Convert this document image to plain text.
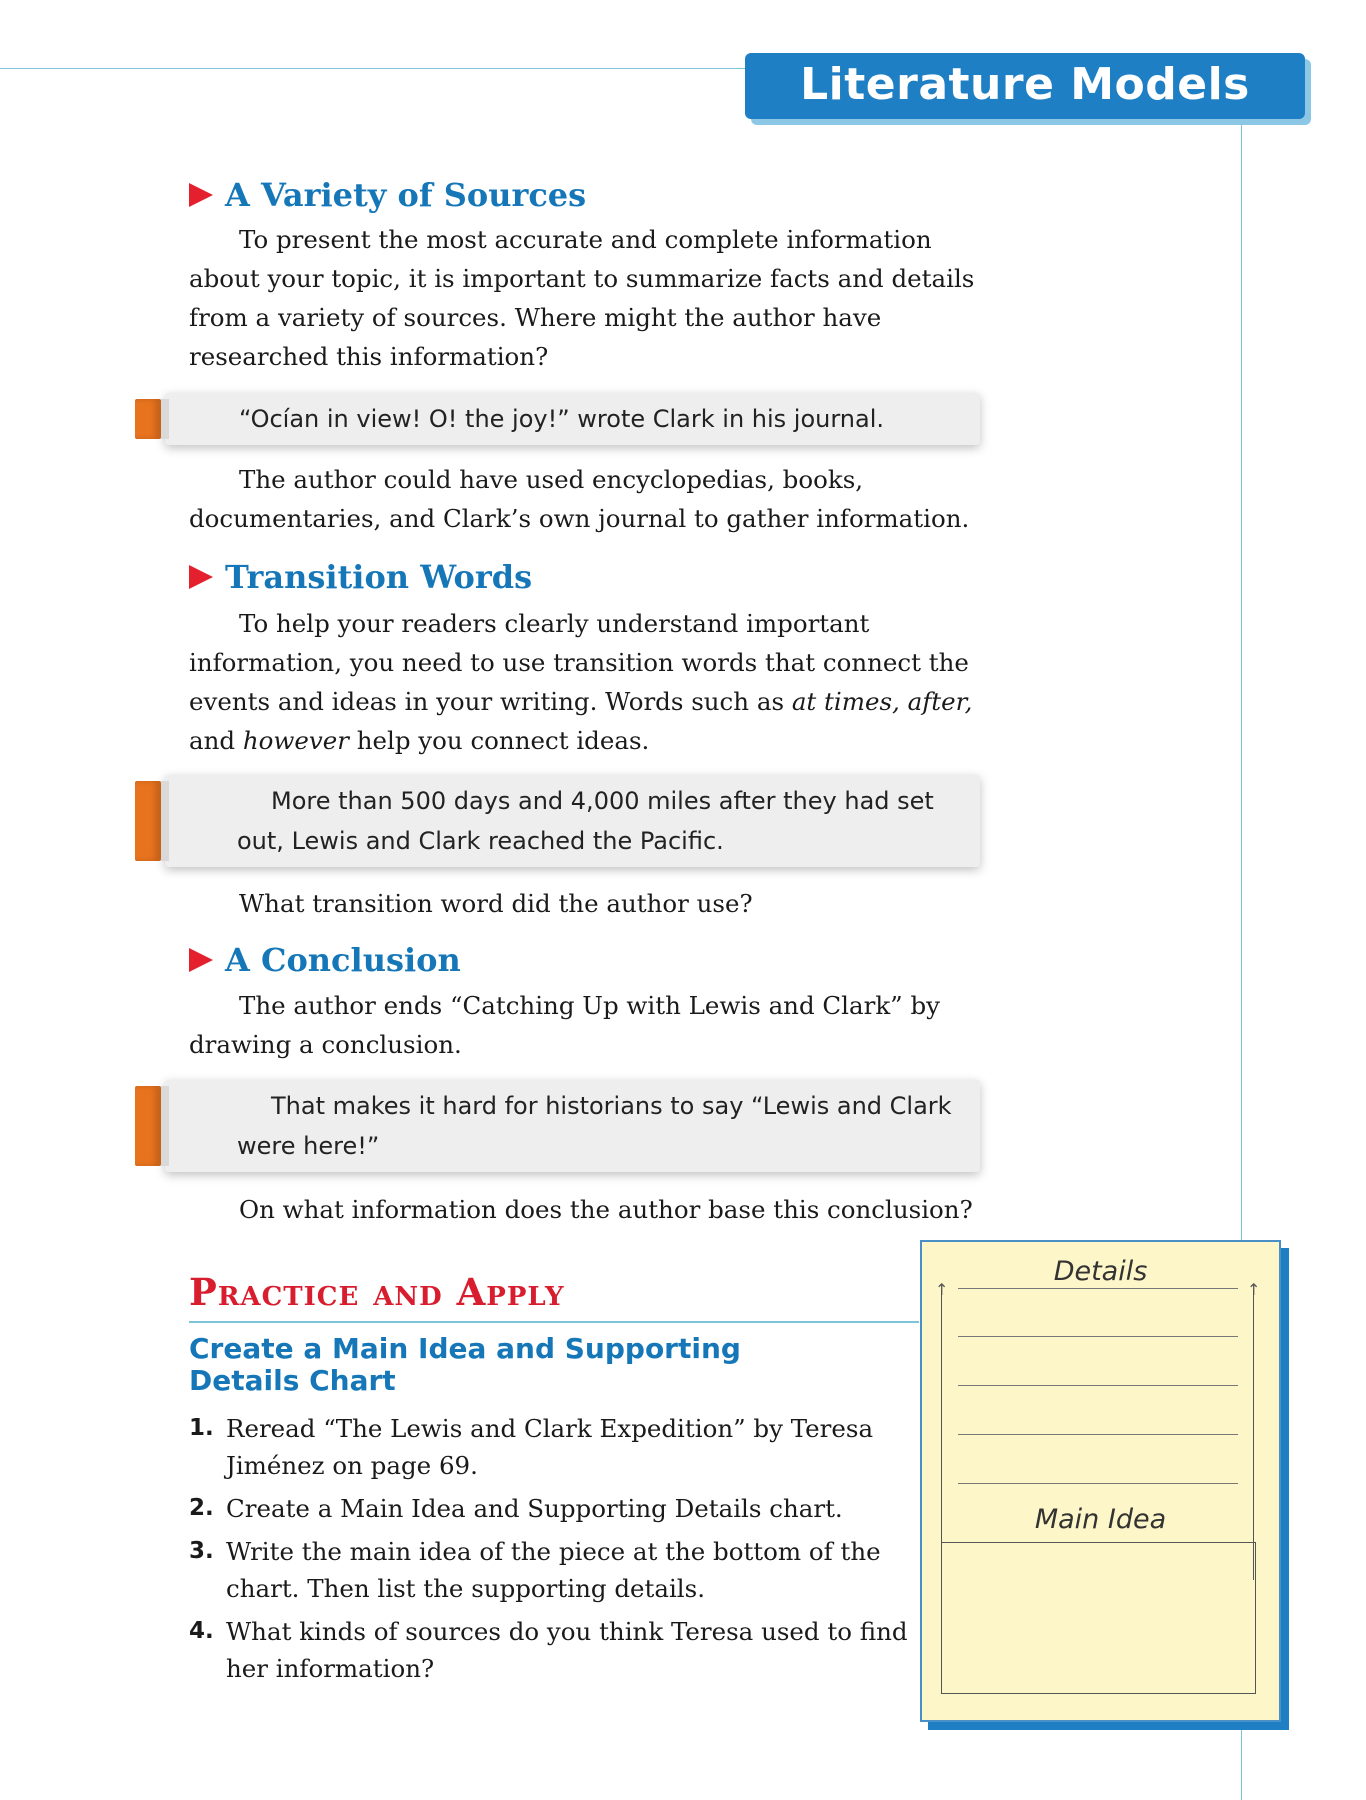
Literature Models
A Variety of Sources
To present the most accurate and complete information about your topic, it is important to summarize facts and details from a variety of sources. Where might the author have researched this information?
“Ocían in view! O! the joy!” wrote Clark in his journal.
The author could have used encyclopedias, books, documentaries, and Clark’s own journal to gather information.
Transition Words
To help your readers clearly understand important information, you need to use transition words that connect the events and ideas in your writing. Words such as at times, after, and however help you connect ideas.
More than 500 days and 4,000 miles after they had set out, Lewis and Clark reached the Pacific.
What transition word did the author use?
A Conclusion
The author ends “Catching Up with Lewis and Clark” by drawing a conclusion.
That makes it hard for historians to say “Lewis and Clark were here!”
On what information does the author base this conclusion?
Practice and Apply
Create a Main Idea and Supporting Details Chart
1. Reread “The Lewis and Clark Expedition” by Teresa Jiménez on page 69.
2. Create a Main Idea and Supporting Details chart.
3. Write the main idea of the piece at the bottom of the chart. Then list the supporting details.
4. What kinds of sources do you think Teresa used to find her information?
Details
↑	↑
Main Idea
